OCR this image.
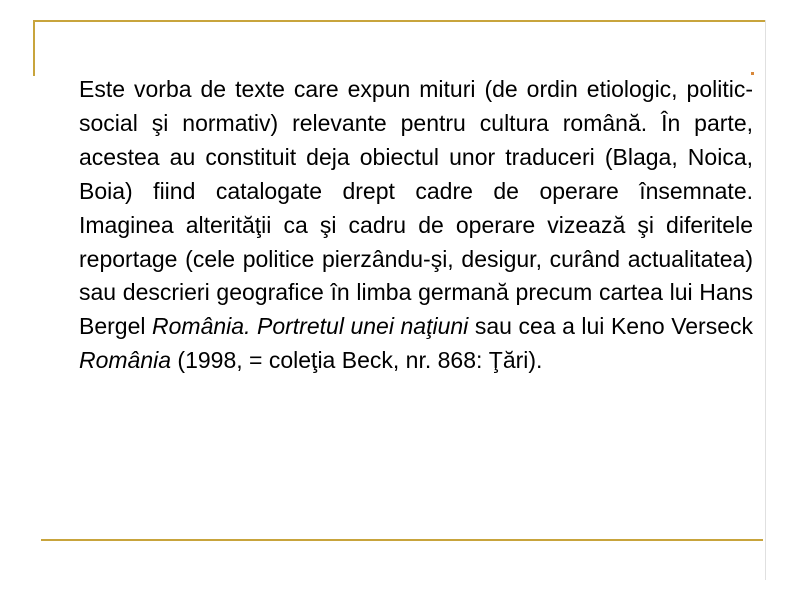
Este vorba de texte care expun mituri (de ordin etiologic, politic-social şi normativ) relevante pentru cultura română. În parte, acestea au constituit deja obiectul unor traduceri (Blaga, Noica, Boia) fiind catalogate drept cadre de operare însemnate. Imaginea alterităţii ca şi cadru de operare vizează şi diferitele reportage (cele politice pierzându-şi, desigur, curând actualitatea) sau descrieri geografice în limba germană precum cartea lui Hans Bergel România. Portretul unei naţiuni sau cea a lui Keno Verseck România (1998, = coleţia Beck, nr. 868: Ţări).
